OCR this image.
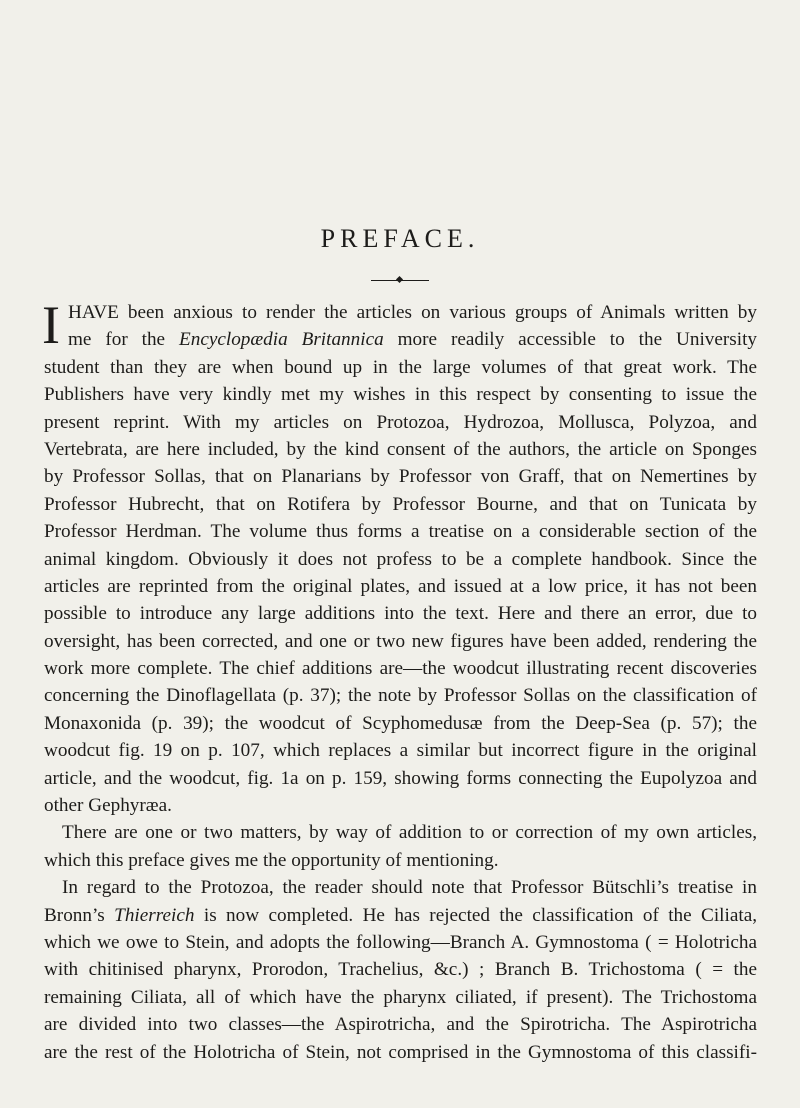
PREFACE.
I HAVE been anxious to render the articles on various groups of Animals written by
me for the Encyclopædia Britannica more readily accessible to the University
student than they are when bound up in the large volumes of that great work. The
Publishers have very kindly met my wishes in this respect by consenting to issue the
present reprint. With my articles on Protozoa, Hydrozoa, Mollusca, Polyzoa, and
Vertebrata, are here included, by the kind consent of the authors, the article on Sponges
by Professor Sollas, that on Planarians by Professor von Graff, that on Nemertines by
Professor Hubrecht, that on Rotifera by Professor Bourne, and that on Tunicata by
Professor Herdman. The volume thus forms a treatise on a considerable section of the
animal kingdom. Obviously it does not profess to be a complete handbook. Since the
articles are reprinted from the original plates, and issued at a low price, it has not been
possible to introduce any large additions into the text. Here and there an error, due to
oversight, has been corrected, and one or two new figures have been added, rendering the
work more complete. The chief additions are—the woodcut illustrating recent discoveries
concerning the Dinoflagellata (p. 37); the note by Professor Sollas on the classification of
Monaxonida (p. 39); the woodcut of Scyphomedusæ from the Deep-Sea (p. 57); the
woodcut fig. 19 on p. 107, which replaces a similar but incorrect figure in the original
article, and the woodcut, fig. 1a on p. 159, showing forms connecting the Eupolyzoa and
other Gephyræa.
There are one or two matters, by way of addition to or correction of my own articles,
which this preface gives me the opportunity of mentioning.
In regard to the Protozoa, the reader should note that Professor Bütschli’s treatise in
Bronn’s Thierreich is now completed. He has rejected the classification of the Ciliata,
which we owe to Stein, and adopts the following—Branch A. Gymnostoma ( = Holotricha
with chitinised pharynx, Prorodon, Trachelius, &c.) ; Branch B. Trichostoma ( = the
remaining Ciliata, all of which have the pharynx ciliated, if present). The Trichostoma
are divided into two classes—the Aspirotricha, and the Spirotricha. The Aspirotricha
are the rest of the Holotricha of Stein, not comprised in the Gymnostoma of this classifi-
